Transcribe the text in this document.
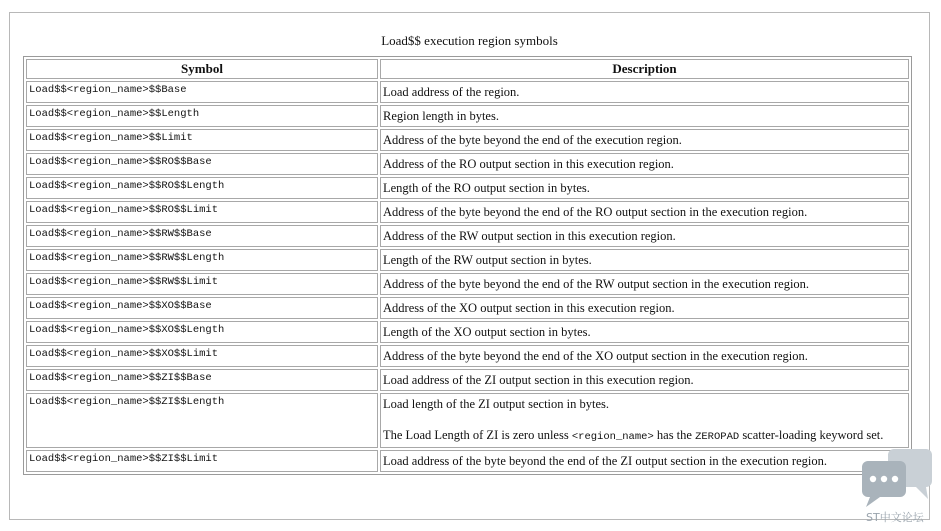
Load$$ execution region symbols
Symbol	Description
Load$$<region_name>$$Base	Load address of the region.
Load$$<region_name>$$Length	Region length in bytes.
Load$$<region_name>$$Limit	Address of the byte beyond the end of the execution region.
Load$$<region_name>$$RO$$Base	Address of the RO output section in this execution region.
Load$$<region_name>$$RO$$Length	Length of the RO output section in bytes.
Load$$<region_name>$$RO$$Limit	Address of the byte beyond the end of the RO output section in the execution region.
Load$$<region_name>$$RW$$Base	Address of the RW output section in this execution region.
Load$$<region_name>$$RW$$Length	Length of the RW output section in bytes.
Load$$<region_name>$$RW$$Limit	Address of the byte beyond the end of the RW output section in the execution region.
Load$$<region_name>$$XO$$Base	Address of the XO output section in this execution region.
Load$$<region_name>$$XO$$Length	Length of the XO output section in bytes.
Load$$<region_name>$$XO$$Limit	Address of the byte beyond the end of the XO output section in the execution region.
Load$$<region_name>$$ZI$$Base	Load address of the ZI output section in this execution region.
Load$$<region_name>$$ZI$$Length	Load length of the ZI output section in bytes.

The Load Length of ZI is zero unless <region_name> has the ZEROPAD scatter-loading keyword set.

Load$$<region_name>$$ZI$$Limit	Load address of the byte beyond the end of the ZI output section in the execution region.
ST中文论坛
